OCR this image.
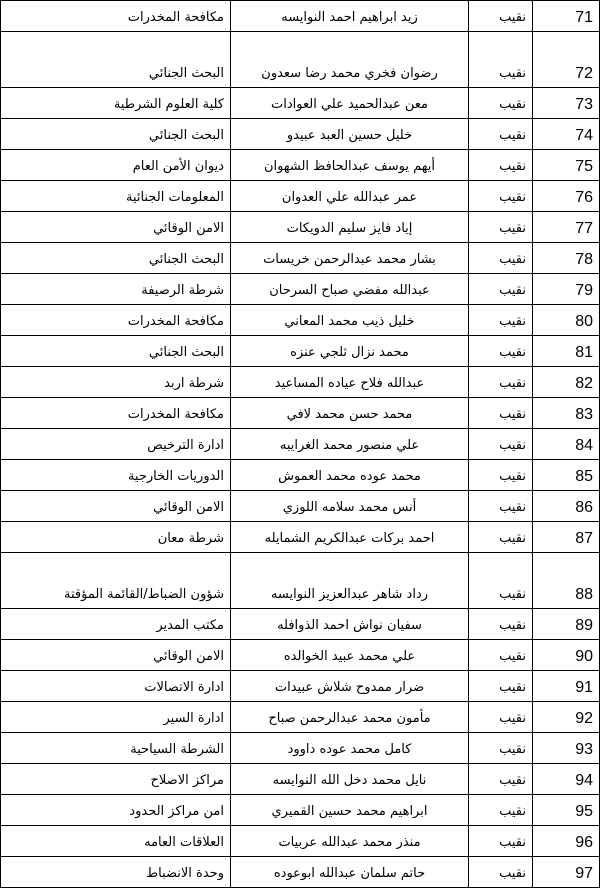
71	نقيب	زيد ابراهيم احمد النوايسه	مكافحة المخدرات
72	نقيب	رضوان فخري محمد رضا سعدون	البحث الجنائي
73	نقيب	معن عبدالحميد علي العوادات	كلية العلوم الشرطية
74	نقيب	خليل حسين العبد عبيدو	البحث الجنائي
75	نقيب	أيهم يوسف عبدالحافظ الشهوان	ديوان الأمن العام
76	نقيب	عمر عبدالله علي العدوان	المعلومات الجنائية
77	نقيب	إياد فايز سليم الدويكات	الامن الوقائي
78	نقيب	بشار محمد عبدالرحمن خريسات	البحث الجنائي
79	نقيب	عبدالله مفضي صباح السرحان	شرطة الرصيفة
80	نقيب	خليل ذيب محمد المعاني	مكافحة المخدرات
81	نقيب	محمد نزال ثلجي عنزه	البحث الجنائي
82	نقيب	عبدالله فلاح عياده المساعيد	شرطة اربد
83	نقيب	محمد حسن محمد لافي	مكافحة المخدرات
84	نقيب	علي منصور محمد الغرايبه	ادارة الترخيص
85	نقيب	محمد عوده محمد العموش	الدوريات الخارجية
86	نقيب	أنس محمد سلامه اللوزي	الامن الوقائي
87	نقيب	احمد بركات عبدالكريم الشمايله	شرطة معان
88	نقيب	رداد شاهر عبدالعزيز النوايسه	شؤون الضباط/القائمة المؤقتة
89	نقيب	سفيان نواش احمد الذوافله	مكتب المدير
90	نقيب	علي محمد عبيد الخوالده	الامن الوقائي
91	نقيب	ضرار ممدوح شلاش عبيدات	ادارة الاتصالات
92	نقيب	مأمون محمد عبدالرحمن صباح	ادارة السير
93	نقيب	كامل محمد عوده داوود	الشرطة السياحية
94	نقيب	نايل محمد دخل الله النوايسه	مراكز الاصلاح
95	نقيب	ابراهيم محمد حسين القميري	امن مراكز الحدود
96	نقيب	منذر محمد عبدالله عربيات	العلاقات العامه
97	نقيب	حاتم سلمان عبدالله ابوعوده	وحدة الانضباط
